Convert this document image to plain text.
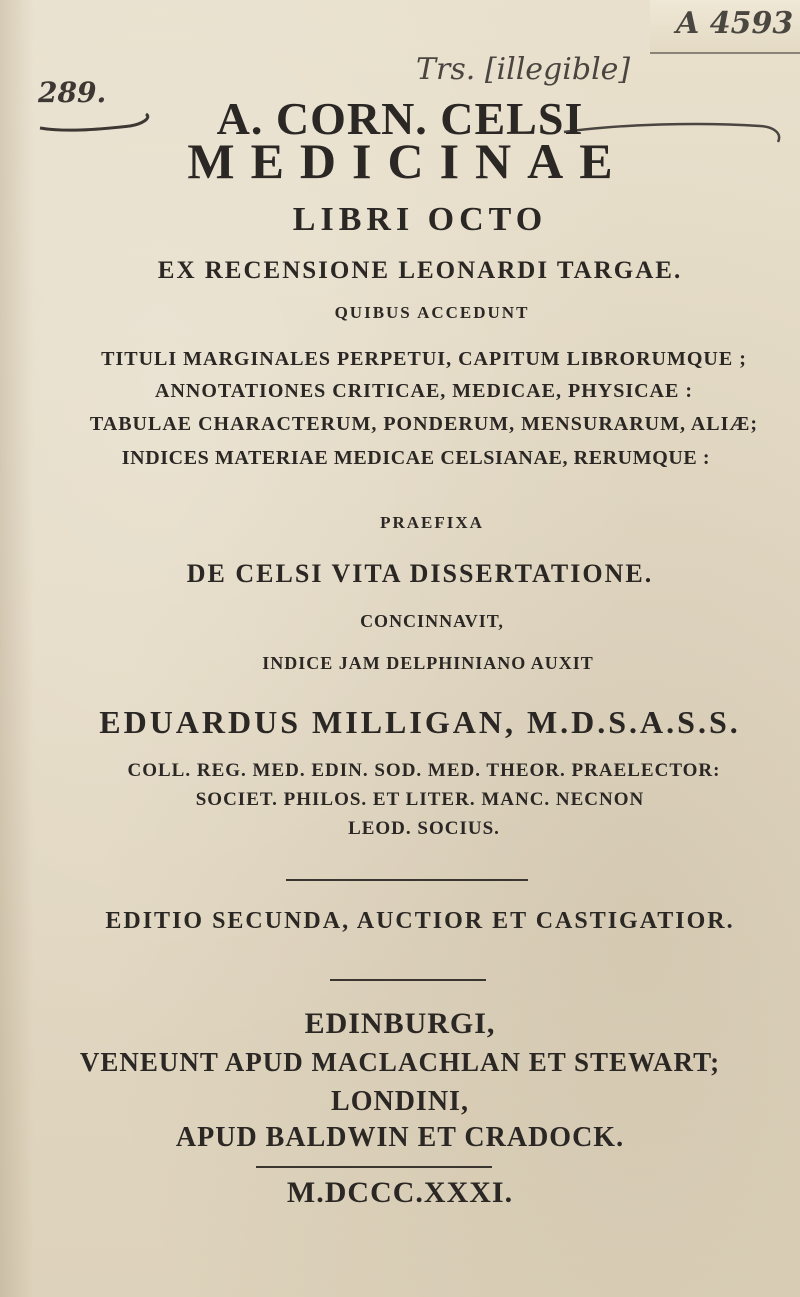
A 4593
289.
Trs. [illegible]
A. CORN. CELSI
MEDICINAE
LIBRI OCTO
EX RECENSIONE LEONARDI TARGAE.
QUIBUS ACCEDUNT
TITULI MARGINALES PERPETUI, CAPITUM LIBRORUMQUE ;
ANNOTATIONES CRITICAE, MEDICAE, PHYSICAE :
TABULAE CHARACTERUM, PONDERUM, MENSURARUM, ALIÆ;
INDICES MATERIAE MEDICAE CELSIANAE, RERUMQUE :
PRAEFIXA
DE CELSI VITA DISSERTATIONE.
CONCINNAVIT,
INDICE JAM DELPHINIANO AUXIT
EDUARDUS MILLIGAN, M.D.S.A.S.S.
COLL. REG. MED. EDIN. SOD. MED. THEOR. PRAELECTOR:
SOCIET. PHILOS. ET LITER. MANC. NECNON
LEOD. SOCIUS.
EDITIO SECUNDA, AUCTIOR ET CASTIGATIOR.
EDINBURGI,
VENEUNT APUD MACLACHLAN ET STEWART;
LONDINI,
APUD BALDWIN ET CRADOCK.
M.DCCC.XXXI.
